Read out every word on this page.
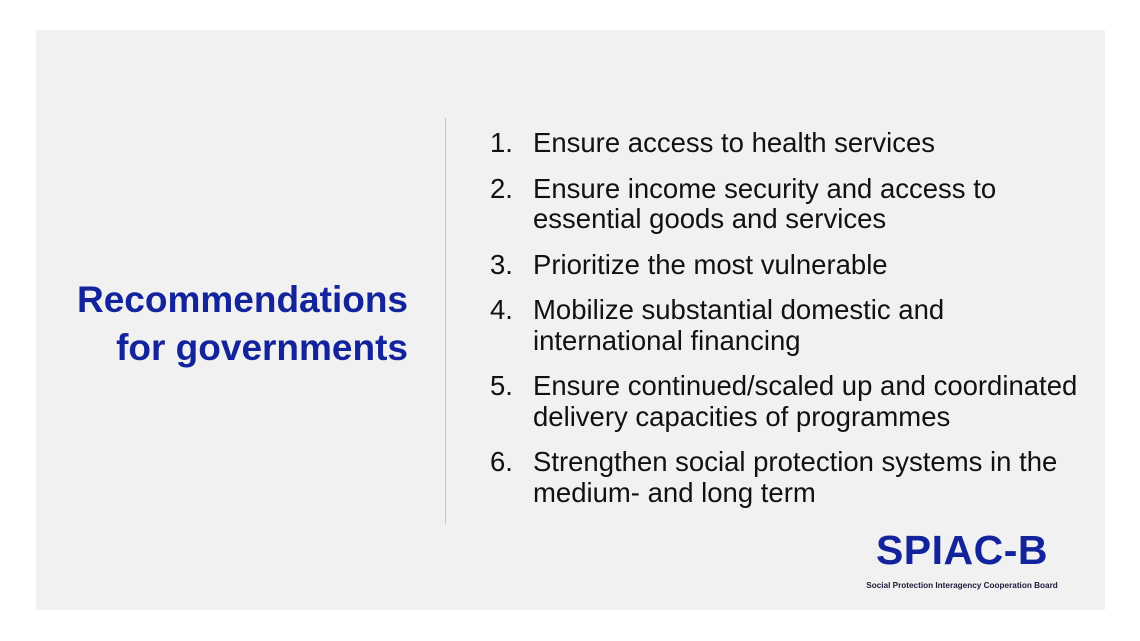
Recommendations
for governments
1. Ensure access to health services
2. Ensure income security and access to
essential goods and services
3. Prioritize the most vulnerable
4. Mobilize substantial domestic and
international financing
5. Ensure continued/scaled up and coordinated
delivery capacities of programmes
6. Strengthen social protection systems in the
medium- and long term
SPIAC-B
Social Protection Interagency Cooperation Board
